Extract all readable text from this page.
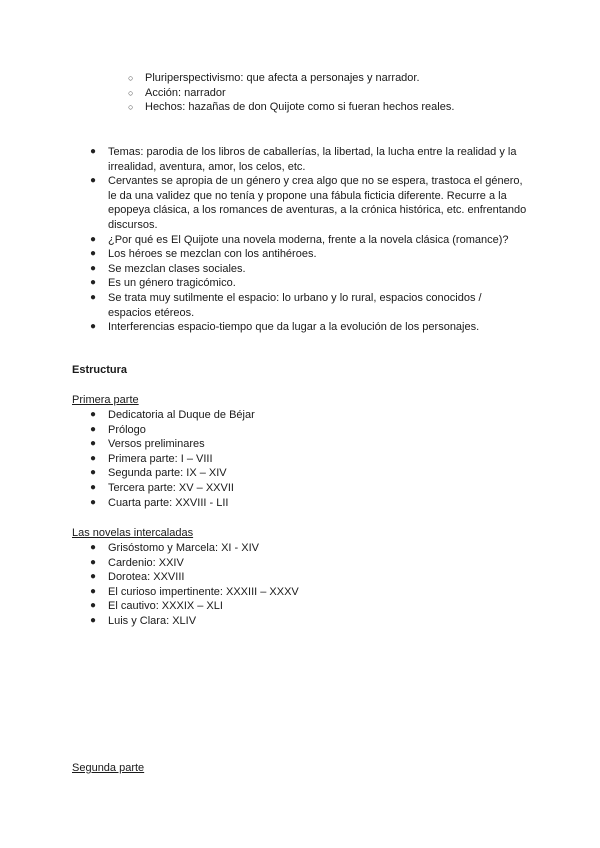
○ Pluriperspectivismo: que afecta a personajes y narrador.
○ Acción: narrador
○ Hechos: hazañas de don Quijote como si fueran hechos reales.
● Temas: parodia de los libros de caballerías, la libertad, la lucha entre la realidad y la irrealidad, aventura, amor, los celos, etc.
● Cervantes se apropia de un género y crea algo que no se espera, trastoca el género, le da una validez que no tenía y propone una fábula ficticia diferente. Recurre a la epopeya clásica, a los romances de aventuras, a la crónica histórica, etc. enfrentando discursos.
● ¿Por qué es El Quijote una novela moderna, frente a la novela clásica (romance)?
● Los héroes se mezclan con los antihéroes.
● Se mezclan clases sociales.
● Es un género tragicómico.
● Se trata muy sutilmente el espacio: lo urbano y lo rural, espacios conocidos / espacios etéreos.
● Interferencias espacio-tiempo que da lugar a la evolución de los personajes.
Estructura
Primera parte
● Dedicatoria al Duque de Béjar
● Prólogo
● Versos preliminares
● Primera parte: I – VIII
● Segunda parte: IX – XIV
● Tercera parte: XV – XXVII
● Cuarta parte: XXVIII - LII
Las novelas intercaladas
● Grisóstomo y Marcela: XI - XIV
● Cardenio: XXIV
● Dorotea: XXVIII
● El curioso impertinente: XXXIII – XXXV
● El cautivo: XXXIX – XLI
● Luis y Clara: XLIV
Segunda parte
